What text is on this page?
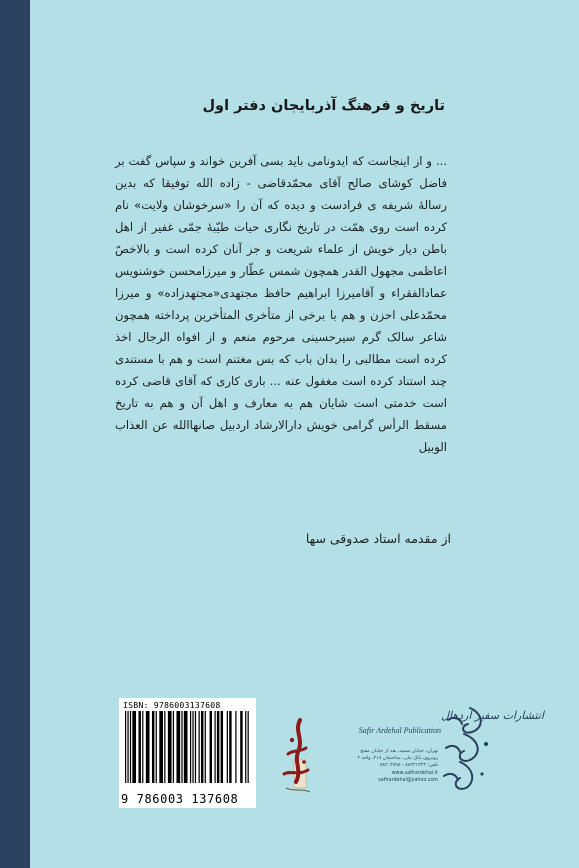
تاریخ و فرهنگ آذربایجان دفتر اول

... و از اینجاست که ایدونامی باید بسی آفرین خواند و سپاس گفت بر فاضل کوشای صالح آقای محمّدقاضی - زاده الله توفیقا که بدین رسالۀ شریفه ی فرادست و دیده که آن را «سرخوشان ولایت» نام کرده است روی همّت در تاریخ نگاری حیات طیّبۀ جمّی غفیر از اهل باطن دیار خویش از علماء شریعت و جز آنان کرده است و بالاخصّ اعاظمی مجهول القدر همچون شمس عطّار و میرزامحسن خوشنویس عمادالفقراء و آقامیرزا ابراهیم حافظ مجتهدی«مجتهدزاده» و میرزا محمّدعلی احزن و هم با برخی از متأخری المتأخرین پرداخته همچون شاعر سالک گرم سیرحسینی مرحوم منعم و از افواه الرجال اخذ کرده است مطالبی را بدان باب که بس مغتنم است و هم با مستندی چند استناد کرده است مغفول عنه ... باری کاری که آقای قاضی کرده است خدمتی است شایان هم به معارف و اهل آن و هم به تاریخ مسقط الرأس گرامی خویش دارالارشاد اردبیل صانهاالله عن العذاب الوبیل

از مقدمه استاد صدوقی سها
ISBN: 9786003137608
9 786003 137608
انتشارات سفیر اردهال
Safir Ardehal Publication
تهران، خیابان سمیه، بعد از خیابان مفتح
روبروی بانک ملی، ساختمان ۲۱۸، واحد ۴
تلفن: ۸۸۳۴۱۳۲۳ - ۸۸۳۰۳۸۹۸
www.safirardehal.ir
safirardehal@yahoo.com
